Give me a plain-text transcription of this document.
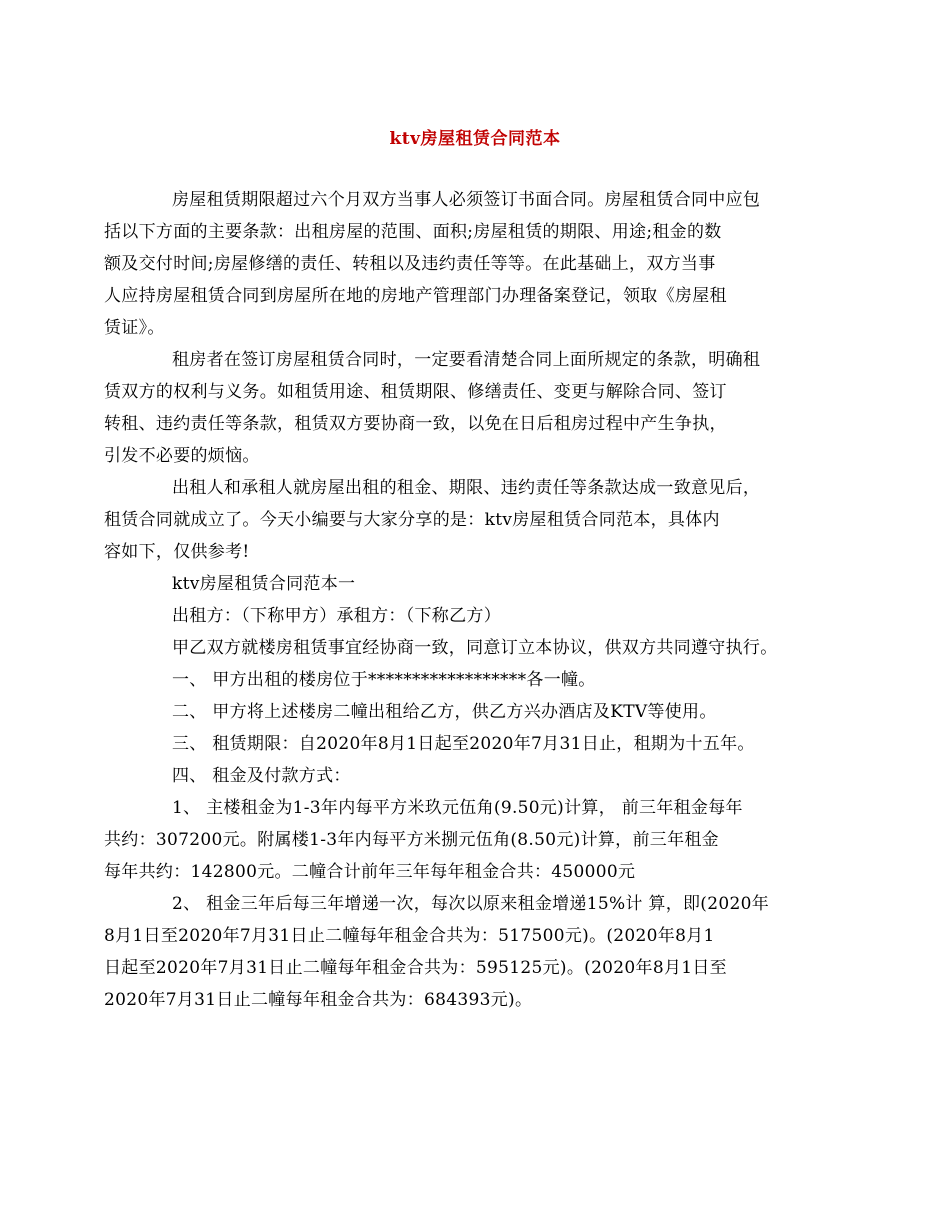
ktv房屋租赁合同范本

房屋租赁期限超过六个月双方当事人必须签订书面合同。房屋租赁合同中应包
括以下方面的主要条款：出租房屋的范围、面积;房屋租赁的期限、用途;租金的数
额及交付时间;房屋修缮的责任、转租以及违约责任等等。在此基础上，双方当事
人应持房屋租赁合同到房屋所在地的房地产管理部门办理备案登记，领取《房屋租
赁证》。

租房者在签订房屋租赁合同时，一定要看清楚合同上面所规定的条款，明确租
赁双方的权利与义务。如租赁用途、租赁期限、修缮责任、变更与解除合同、签订
转租、违约责任等条款，租赁双方要协商一致，以免在日后租房过程中产生争执，
引发不必要的烦恼。

出租人和承租人就房屋出租的租金、期限、违约责任等条款达成一致意见后，
租赁合同就成立了。今天小编要与大家分享的是：ktv房屋租赁合同范本，具体内
容如下，仅供参考!

ktv房屋租赁合同范本一

出租方：（下称甲方）承租方：（下称乙方）

甲乙双方就楼房租赁事宜经协商一致，同意订立本协议，供双方共同遵守执行。

一、 甲方出租的楼房位于******************各一幢。

二、 甲方将上述楼房二幢出租给乙方，供乙方兴办酒店及KTV等使用。

三、 租赁期限：自2020年8月1日起至2020年7月31日止，租期为十五年。

四、 租金及付款方式：

1、 主楼租金为1-3年内每平方米玖元伍角(9.50元)计算， 前三年租金每年
共约：307200元。附属楼1-3年内每平方米捌元伍角(8.50元)计算，前三年租金
每年共约：142800元。二幢合计前年三年每年租金合共：450000元

2、 租金三年后每三年增递一次，每次以原来租金增递15%计 算，即(2020年
8月1日至2020年7月31日止二幢每年租金合共为：517500元)。(2020年8月1
日起至2020年7月31日止二幢每年租金合共为：595125元)。(2020年8月1日至
2020年7月31日止二幢每年租金合共为：684393元)。
